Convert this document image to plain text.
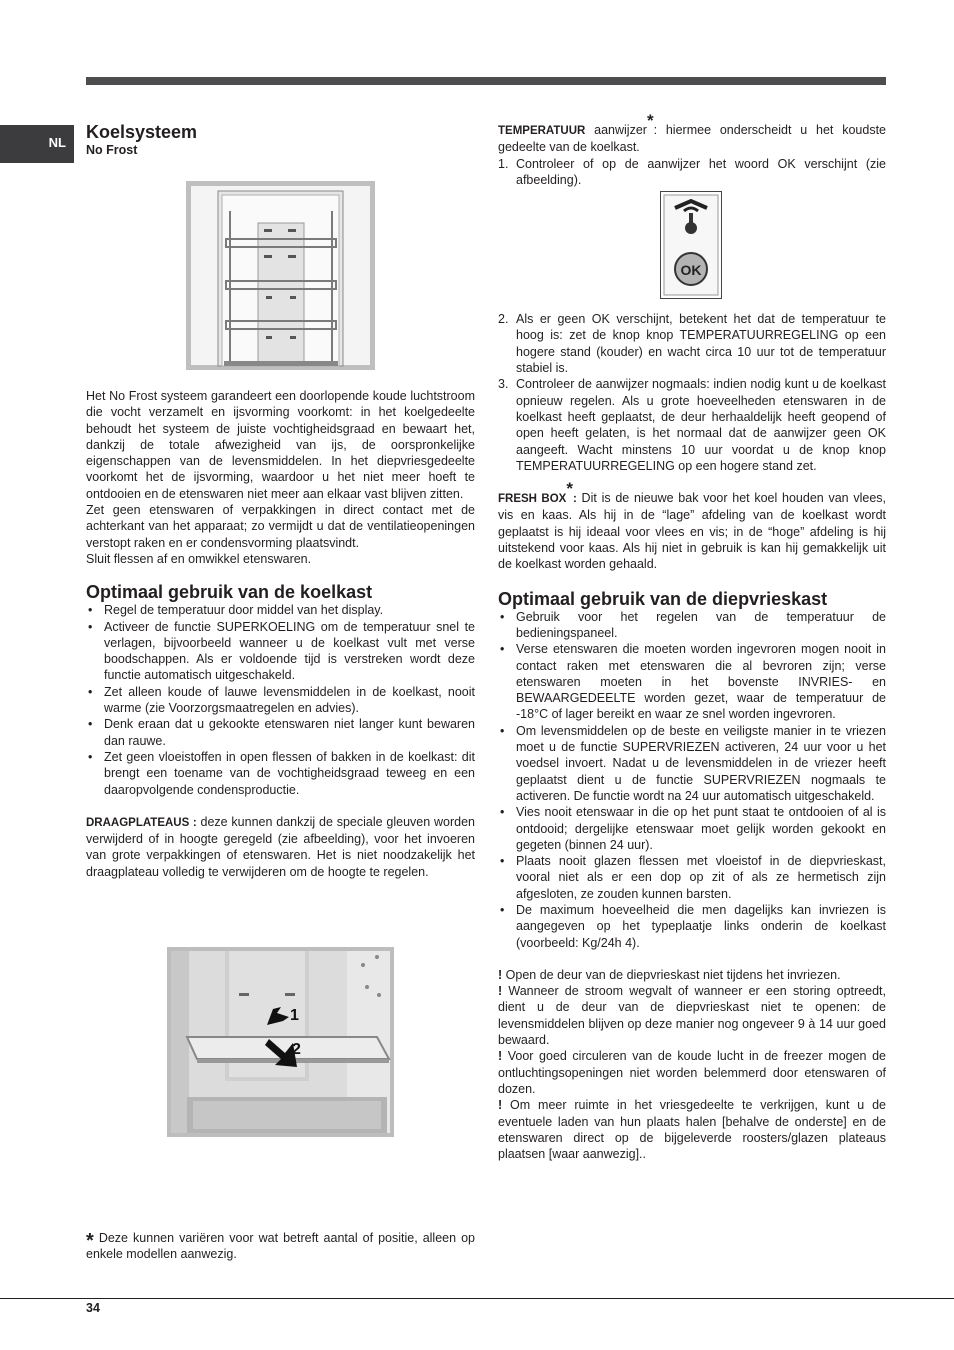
NL
Koelsysteem
No Frost

Het No Frost systeem garandeert een doorlopende koude luchtstroom die vocht verzamelt en ijsvorming voorkomt: in het koelgedeelte behoudt het systeem de juiste vochtigheidsgraad en bewaart het, dankzij de totale afwezigheid van ijs, de oorspronkelijke eigenschappen van de levensmiddelen. In het diepvriesgedeelte voorkomt het de ijsvorming, waardoor u het niet meer hoeft te ontdooien en de etenswaren niet meer aan elkaar vast blijven zitten.

Zet geen etenswaren of verpakkingen in direct contact met de achterkant van het apparaat; zo vermijdt u dat de ventilatieopeningen verstopt raken en er condensvorming plaatsvindt.

Sluit flessen af en omwikkel etenswaren.

Optimaal gebruik van de koelkast
• Regel de temperatuur door middel van het display.
• Activeer de functie SUPERKOELING om de temperatuur snel te verlagen, bijvoorbeeld wanneer u de koelkast vult met verse boodschappen. Als er voldoende tijd is verstreken wordt deze functie automatisch uitgeschakeld.
• Zet alleen koude of lauwe levensmiddelen in de koelkast, nooit warme (zie Voorzorgsmaatregelen en advies).
• Denk eraan dat u gekookte etenswaren niet langer kunt bewaren dan rauwe.
• Zet geen vloeistoffen in open flessen of bakken in de koelkast: dit brengt een toename van de vochtigheidsgraad teweeg en een daaropvolgende condensproductie.

DRAAGPLATEAUS : deze kunnen dankzij de speciale gleuven worden verwijderd of in hoogte geregeld (zie afbeelding), voor het invoeren van grote verpakkingen of etenswaren. Het is niet noodzakelijk het draagplateau volledig te verwijderen om de hoogte te regelen.

1
2

TEMPERATUUR aanwijzer*: hiermee onderscheidt u het koudste gedeelte van de koelkast.

1. Controleer of op de aanwijzer het woord OK verschijnt (zie afbeelding).
2. Als er geen OK verschijnt, betekent het dat de temperatuur te hoog is: zet de knop knop TEMPERATUURREGELING op een hogere stand (kouder) en wacht circa 10 uur tot de temperatuur stabiel is.
3. Controleer de aanwijzer nogmaals: indien nodig kunt u de koelkast opnieuw regelen. Als u grote hoeveelheden etenswaren in de koelkast heeft geplaatst, de deur herhaaldelijk heeft geopend of open heeft gelaten, is het normaal dat de aanwijzer geen OK aangeeft. Wacht minstens 10 uur voordat u de knop knop TEMPERATUURREGELING op een hogere stand zet.

FRESH BOX*: Dit is de nieuwe bak voor het koel houden van vlees, vis en kaas. Als hij in de “lage” afdeling van de koelkast wordt geplaatst is hij ideaal voor vlees en vis; in de “hoge” afdeling is hij uitstekend voor kaas. Als hij niet in gebruik is kan hij gemakkelijk uit de koelkast worden gehaald.

Optimaal gebruik van de diepvrieskast
• Gebruik voor het regelen van de temperatuur de bedieningspaneel.
• Verse etenswaren die moeten worden ingevroren mogen nooit in contact raken met etenswaren die al bevroren zijn; verse etenswaren moeten in het bovenste INVRIES- en BEWAARGEDEELTE worden gezet, waar de temperatuur de -18°C of lager bereikt en waar ze snel worden ingevroren.
• Om levensmiddelen op de beste en veiligste manier in te vriezen moet u de functie SUPERVRIEZEN activeren, 24 uur voor u het voedsel invoert. Nadat u de levensmiddelen in de vriezer heeft geplaatst dient u de functie SUPERVRIEZEN nogmaals te activeren. De functie wordt na 24 uur automatisch uitgeschakeld.
• Vies nooit etenswaar in die op het punt staat te ontdooien of al is ontdooid; dergelijke etenswaar moet gelijk worden gekookt en gegeten (binnen 24 uur).
• Plaats nooit glazen flessen met vloeistof in de diepvrieskast, vooral niet als er een dop op zit of als ze hermetisch zijn afgesloten, ze zouden kunnen barsten.
• De maximum hoeveelheid die men dagelijks kan invriezen is aangegeven op het typeplaatje links onderin de koelkast (voorbeeld: Kg/24h 4).

! Open de deur van de diepvrieskast niet tijdens het invriezen.

! Wanneer de stroom wegvalt of wanneer er een storing optreedt, dient u de deur van de diepvrieskast niet te openen: de levensmiddelen blijven op deze manier nog ongeveer 9 à 14 uur goed bewaard.

! Voor goed circuleren van de koude lucht in de freezer mogen de ontluchtingsopeningen niet worden belemmerd door etenswaren of dozen.

! Om meer ruimte in het vriesgedeelte te verkrijgen, kunt u de eventuele laden van hun plaats halen [behalve de onderste] en de etenswaren direct op de bijgeleverde roosters/glazen plateaus plaatsen [waar aanwezig]..

OK
* Deze kunnen variëren voor wat betreft aantal of positie, alleen op enkele modellen aanwezig.
34
